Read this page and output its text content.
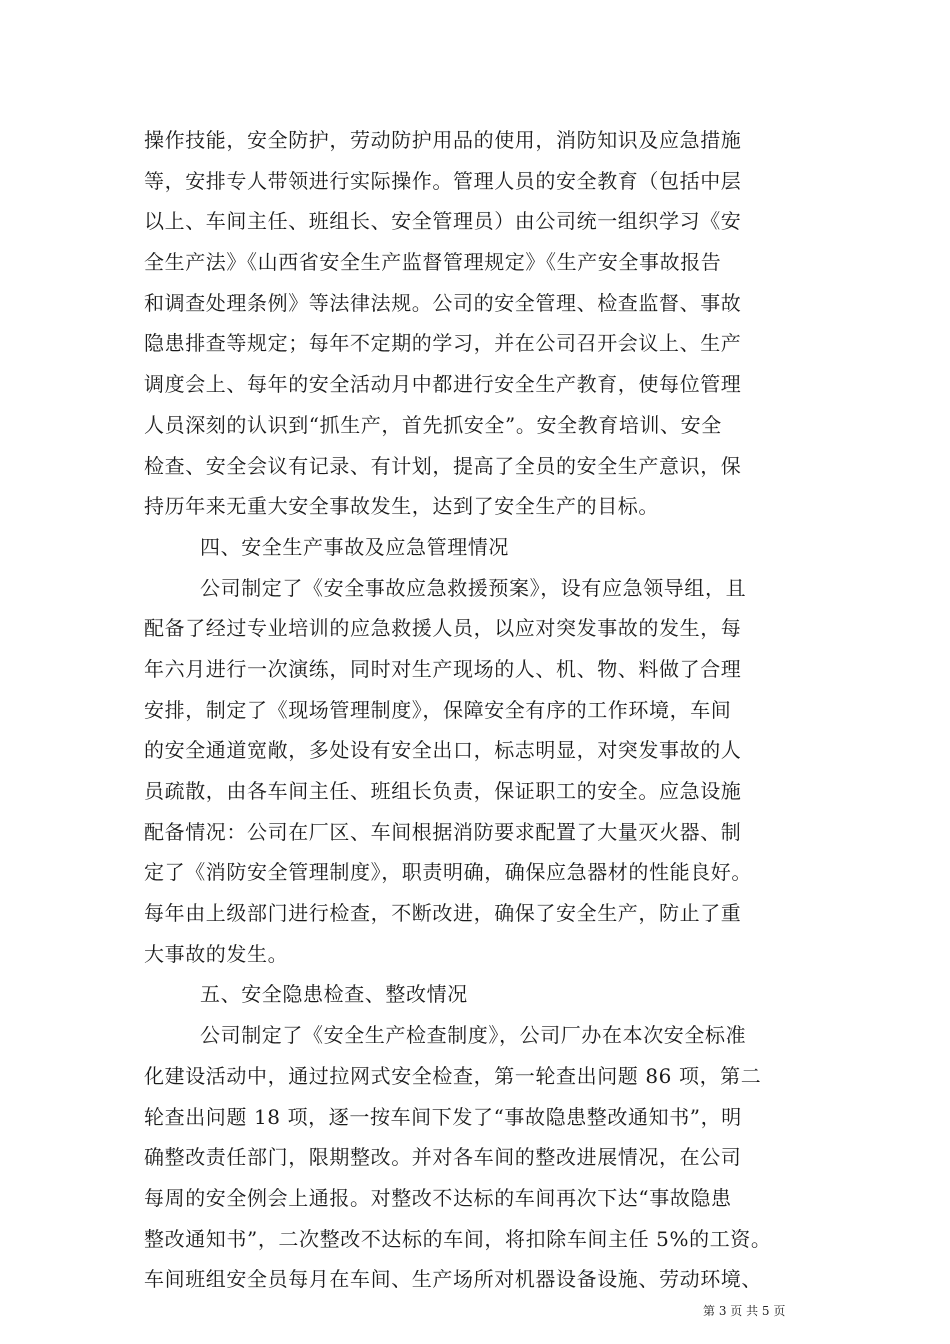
操作技能，安全防护，劳动防护用品的使用，消防知识及应急措施
等，安排专人带领进行实际操作。管理人员的安全教育（包括中层
以上、车间主任、班组长、安全管理员）由公司统一组织学习《安
全生产法》《山西省安全生产监督管理规定》《生产安全事故报告
和调查处理条例》等法律法规。公司的安全管理、检查监督、事故
隐患排查等规定；每年不定期的学习，并在公司召开会议上、生产
调度会上、每年的安全活动月中都进行安全生产教育，使每位管理
人员深刻的认识到“抓生产，首先抓安全”。安全教育培训、安全
检查、安全会议有记录、有计划，提高了全员的安全生产意识，保
持历年来无重大安全事故发生，达到了安全生产的目标。
四、安全生产事故及应急管理情况
公司制定了《安全事故应急救援预案》，设有应急领导组，且
配备了经过专业培训的应急救援人员，以应对突发事故的发生，每
年六月进行一次演练，同时对生产现场的人、机、物、料做了合理
安排，制定了《现场管理制度》，保障安全有序的工作环境，车间
的安全通道宽敞，多处设有安全出口，标志明显，对突发事故的人
员疏散，由各车间主任、班组长负责，保证职工的安全。应急设施
配备情况：公司在厂区、车间根据消防要求配置了大量灭火器、制
定了《消防安全管理制度》，职责明确，确保应急器材的性能良好。
每年由上级部门进行检查，不断改进，确保了安全生产，防止了重
大事故的发生。
五、安全隐患检查、整改情况
公司制定了《安全生产检查制度》，公司厂办在本次安全标准
化建设活动中，通过拉网式安全检查，第一轮查出问题 86 项，第二
轮查出问题 18 项，逐一按车间下发了“事故隐患整改通知书”，明
确整改责任部门，限期整改。并对各车间的整改进展情况，在公司
每周的安全例会上通报。对整改不达标的车间再次下达“事故隐患
整改通知书”，二次整改不达标的车间，将扣除车间主任 5%的工资。
车间班组安全员每月在车间、生产场所对机器设备设施、劳动环境、
第 3 页 共 5 页
